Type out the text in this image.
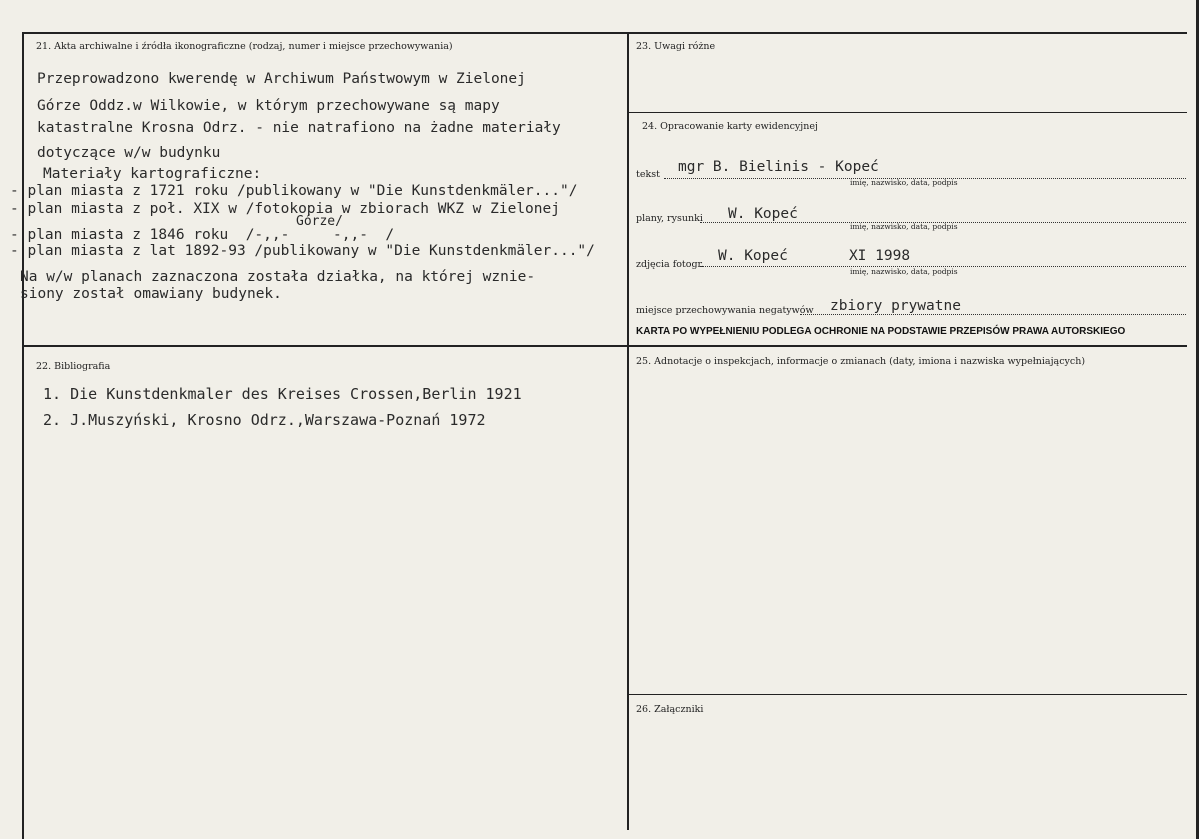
21. Akta archiwalne i źródła ikonograficzne (rodzaj, numer i miejsce przechowywania)	23. Uwagi różne
24. Opracowanie karty ewidencyjnej
22. Bibliografia	25. Adnotacje o inspekcjach, informacje o zmianach (daty, imiona i nazwiska wypełniających)
26. Załączniki
Przeprowadzono kwerendę w Archiwum Państwowym w Zielonej
Górze Oddz.w Wilkowie, w którym przechowywane są mapy
katastralne Krosna Odrz. - nie natrafiono na żadne materiały
dotyczące w/w budynku
Materiały kartograficzne:
- plan miasta z 1721 roku /publikowany w "Die Kunstdenkmäler..."/
- plan miasta z poł. XIX w /fotokopia w zbiorach WKZ w Zielonej
Górze/
- plan miasta z 1846 roku  /-,,-     -,,-  /
- plan miasta z lat 1892-93 /publikowany w "Die Kunstdenkmäler..."/
Na w/w planach zaznaczona została działka, na której wznie-
siony został omawiany budynek.
1. Die Kunstdenkmaler des Kreises Crossen,Berlin 1921
2. J.Muszyński, Krosno Odrz.,Warszawa-Poznań 1972
tekst mgr B. Bielinis - Kopeć
imię, nazwisko, data, podpis
plany, rysunki W. Kopeć
imię, nazwisko, data, podpis
zdjęcia fotogr.
W. Kopeć       XI 1998
imię, nazwisko, data, podpis
miejsce przechowywania negatywów zbiory prywatne
KARTA PO WYPEŁNIENIU PODLEGA OCHRONIE NA PODSTAWIE PRZEPISÓW PRAWA AUTORSKIEGO
